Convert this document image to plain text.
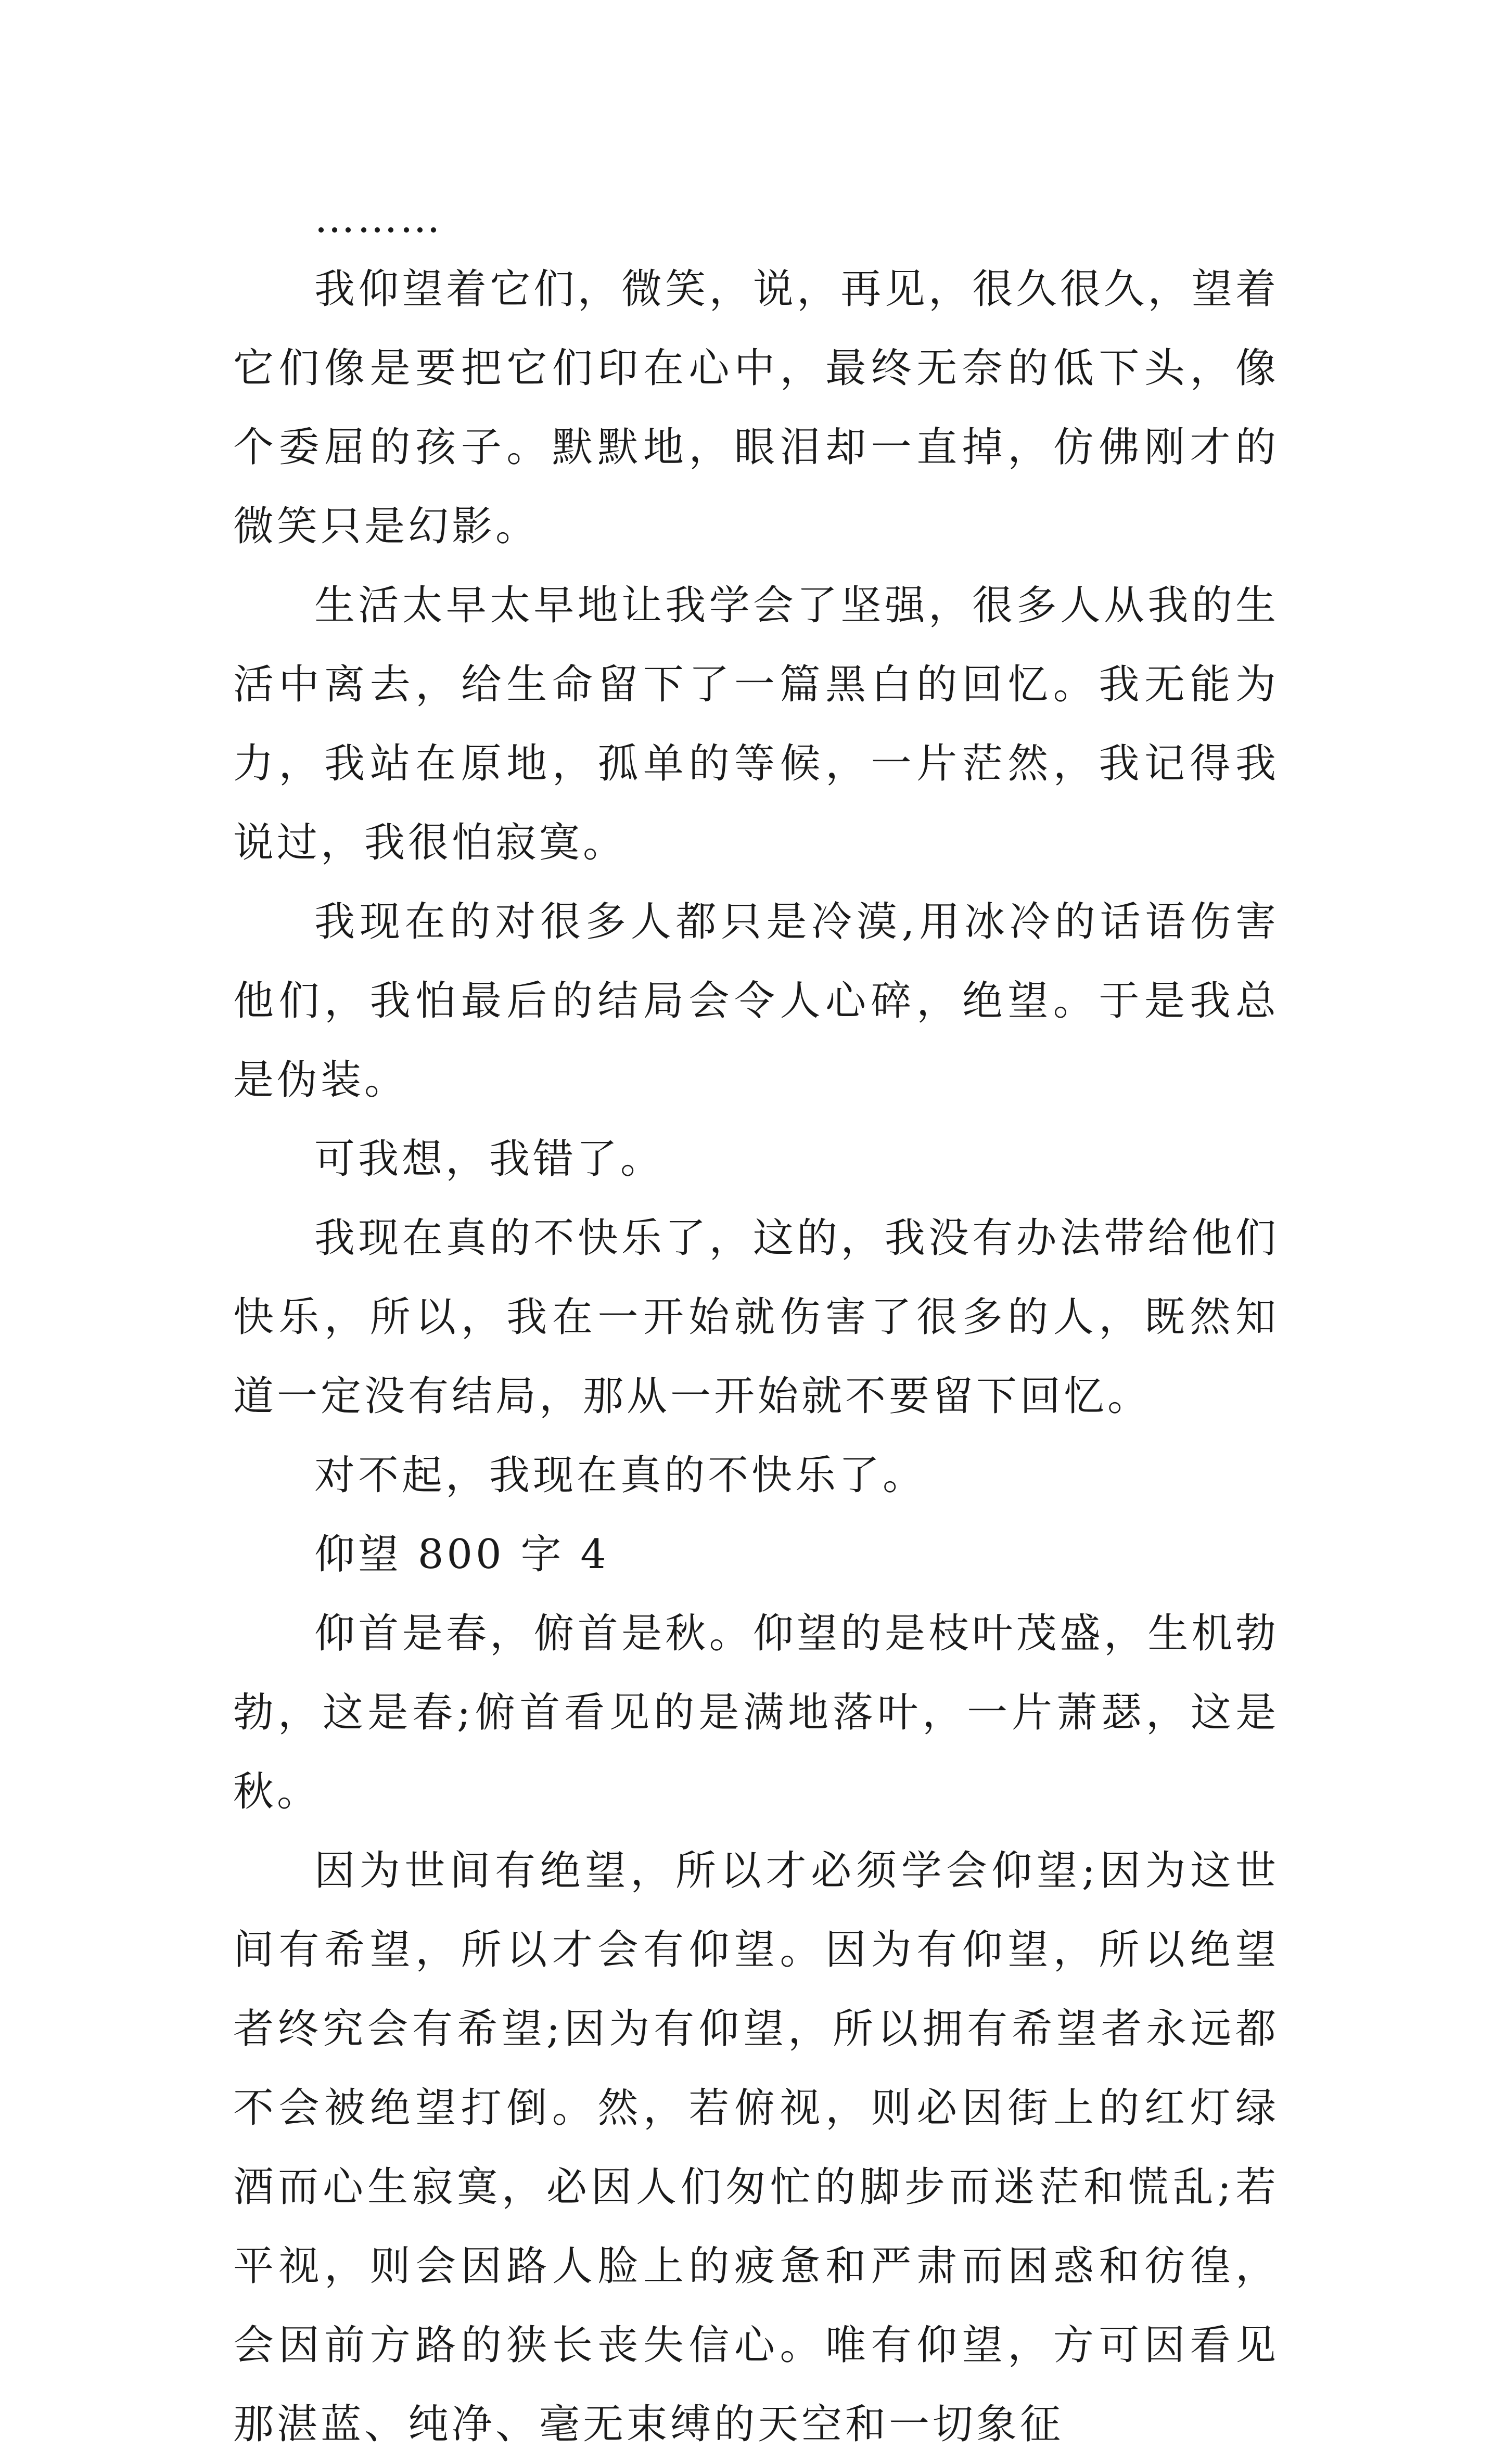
………

我仰望着它们，微笑，说，再见，很久很久，望着它们像是要把它们印在心中，最终无奈的低下头，像个委屈的孩子。默默地，眼泪却一直掉，仿佛刚才的微笑只是幻影。

生活太早太早地让我学会了坚强，很多人从我的生活中离去，给生命留下了一篇黑白的回忆。我无能为力，我站在原地，孤单的等候，一片茫然，我记得我说过，我很怕寂寞。

我现在的对很多人都只是冷漠,用冰冷的话语伤害他们，我怕最后的结局会令人心碎，绝望。于是我总是伪装。

可我想，我错了。

我现在真的不快乐了，这的，我没有办法带给他们快乐，所以，我在一开始就伤害了很多的人，既然知道一定没有结局，那从一开始就不要留下回忆。

对不起，我现在真的不快乐了。

仰望 800 字 4

仰首是春，俯首是秋。仰望的是枝叶茂盛，生机勃勃，这是春;俯首看见的是满地落叶，一片萧瑟，这是秋。

因为世间有绝望，所以才必须学会仰望;因为这世间有希望，所以才会有仰望。因为有仰望，所以绝望者终究会有希望;因为有仰望，所以拥有希望者永远都不会被绝望打倒。然，若俯视，则必因街上的红灯绿酒而心生寂寞，必因人们匆忙的脚步而迷茫和慌乱;若平视，则会因路人脸上的疲惫和严肃而困惑和彷徨，会因前方路的狭长丧失信心。唯有仰望，方可因看见那湛蓝、纯净、毫无束缚的天空和一切象征
